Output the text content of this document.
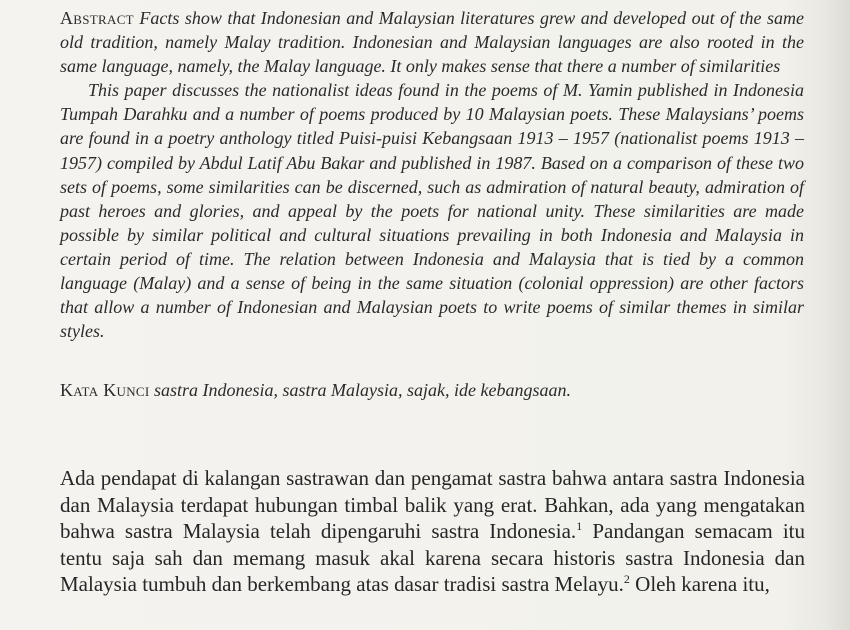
Abstract Facts show that Indonesian and Malaysian literatures grew and developed out of the same old tradition, namely Malay tradition. Indonesian and Malaysian languages are also rooted in the same language, namely, the Malay language. It only makes sense that there a number of similarities

This paper discusses the nationalist ideas found in the poems of M. Yamin published in Indonesia Tumpah Darahku and a number of poems produced by 10 Malaysian poets. These Malaysians’ poems are found in a poetry anthology titled Puisi-puisi Kebangsaan 1913 – 1957 (nationalist poems 1913 – 1957) compiled by Abdul Latif Abu Bakar and published in 1987. Based on a comparison of these two sets of poems, some similarities can be discerned, such as admiration of natural beauty, admiration of past heroes and glories, and appeal by the poets for national unity. These similarities are made possible by similar political and cultural situations prevailing in both Indonesia and Malaysia in certain period of time. The relation between Indonesia and Malaysia that is tied by a common language (Malay) and a sense of being in the same situation (colonial oppression) are other factors that allow a number of Indonesian and Malaysian poets to write poems of similar themes in similar styles.

Kata Kunci sastra Indonesia, sastra Malaysia, sajak, ide kebangsaan.

Ada pendapat di kalangan sastrawan dan pengamat sastra bahwa antara sastra Indonesia dan Malaysia terdapat hubungan timbal balik yang erat. Bahkan, ada yang mengatakan bahwa sastra Malaysia telah dipengaruhi sastra Indonesia.$^1$ Pandangan semacam itu tentu saja sah dan memang masuk akal karena secara historis sastra Indonesia dan Malaysia tumbuh dan berkembang atas dasar tradisi sastra Melayu.$^2$ Oleh karena itu,
